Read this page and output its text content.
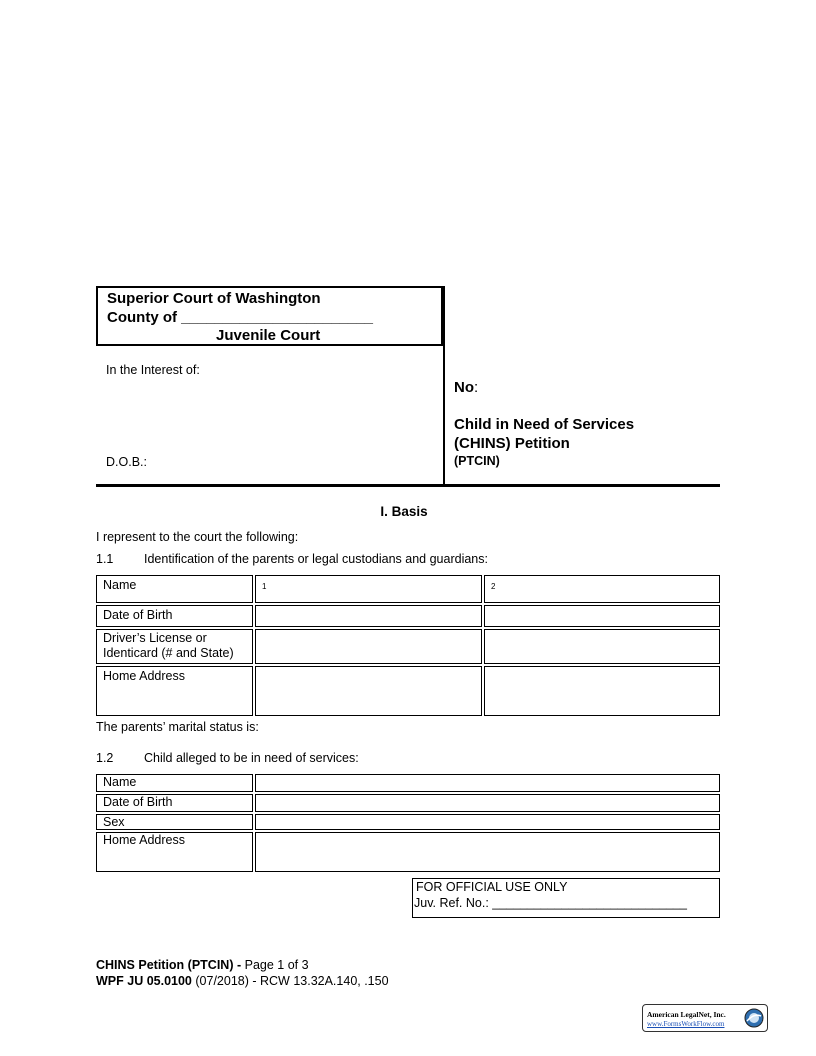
Superior Court of Washington
County of _______________________
Juvenile Court
In the Interest of:
D.O.B.:
No:
Child in Need of Services
(CHINS) Petition
(PTCIN)
I. Basis
I represent to the court the following:
1.1 Identification of the parents or legal custodians and guardians:
Name	1	2
Date of Birth		
Driver’s License or Identicard (# and State)		
Home Address		
The parents’ marital status is:
1.2 Child alleged to be in need of services:
Name	
Date of Birth	
Sex	
Home Address	
FOR OFFICIAL USE ONLY
Juv. Ref. No.: ____________________________
CHINS Petition (PTCIN) - Page 1 of 3
WPF JU 05.0100 (07/2018) - RCW 13.32A.140, .150
American LegalNet, Inc.
www.FormsWorkFlow.com
